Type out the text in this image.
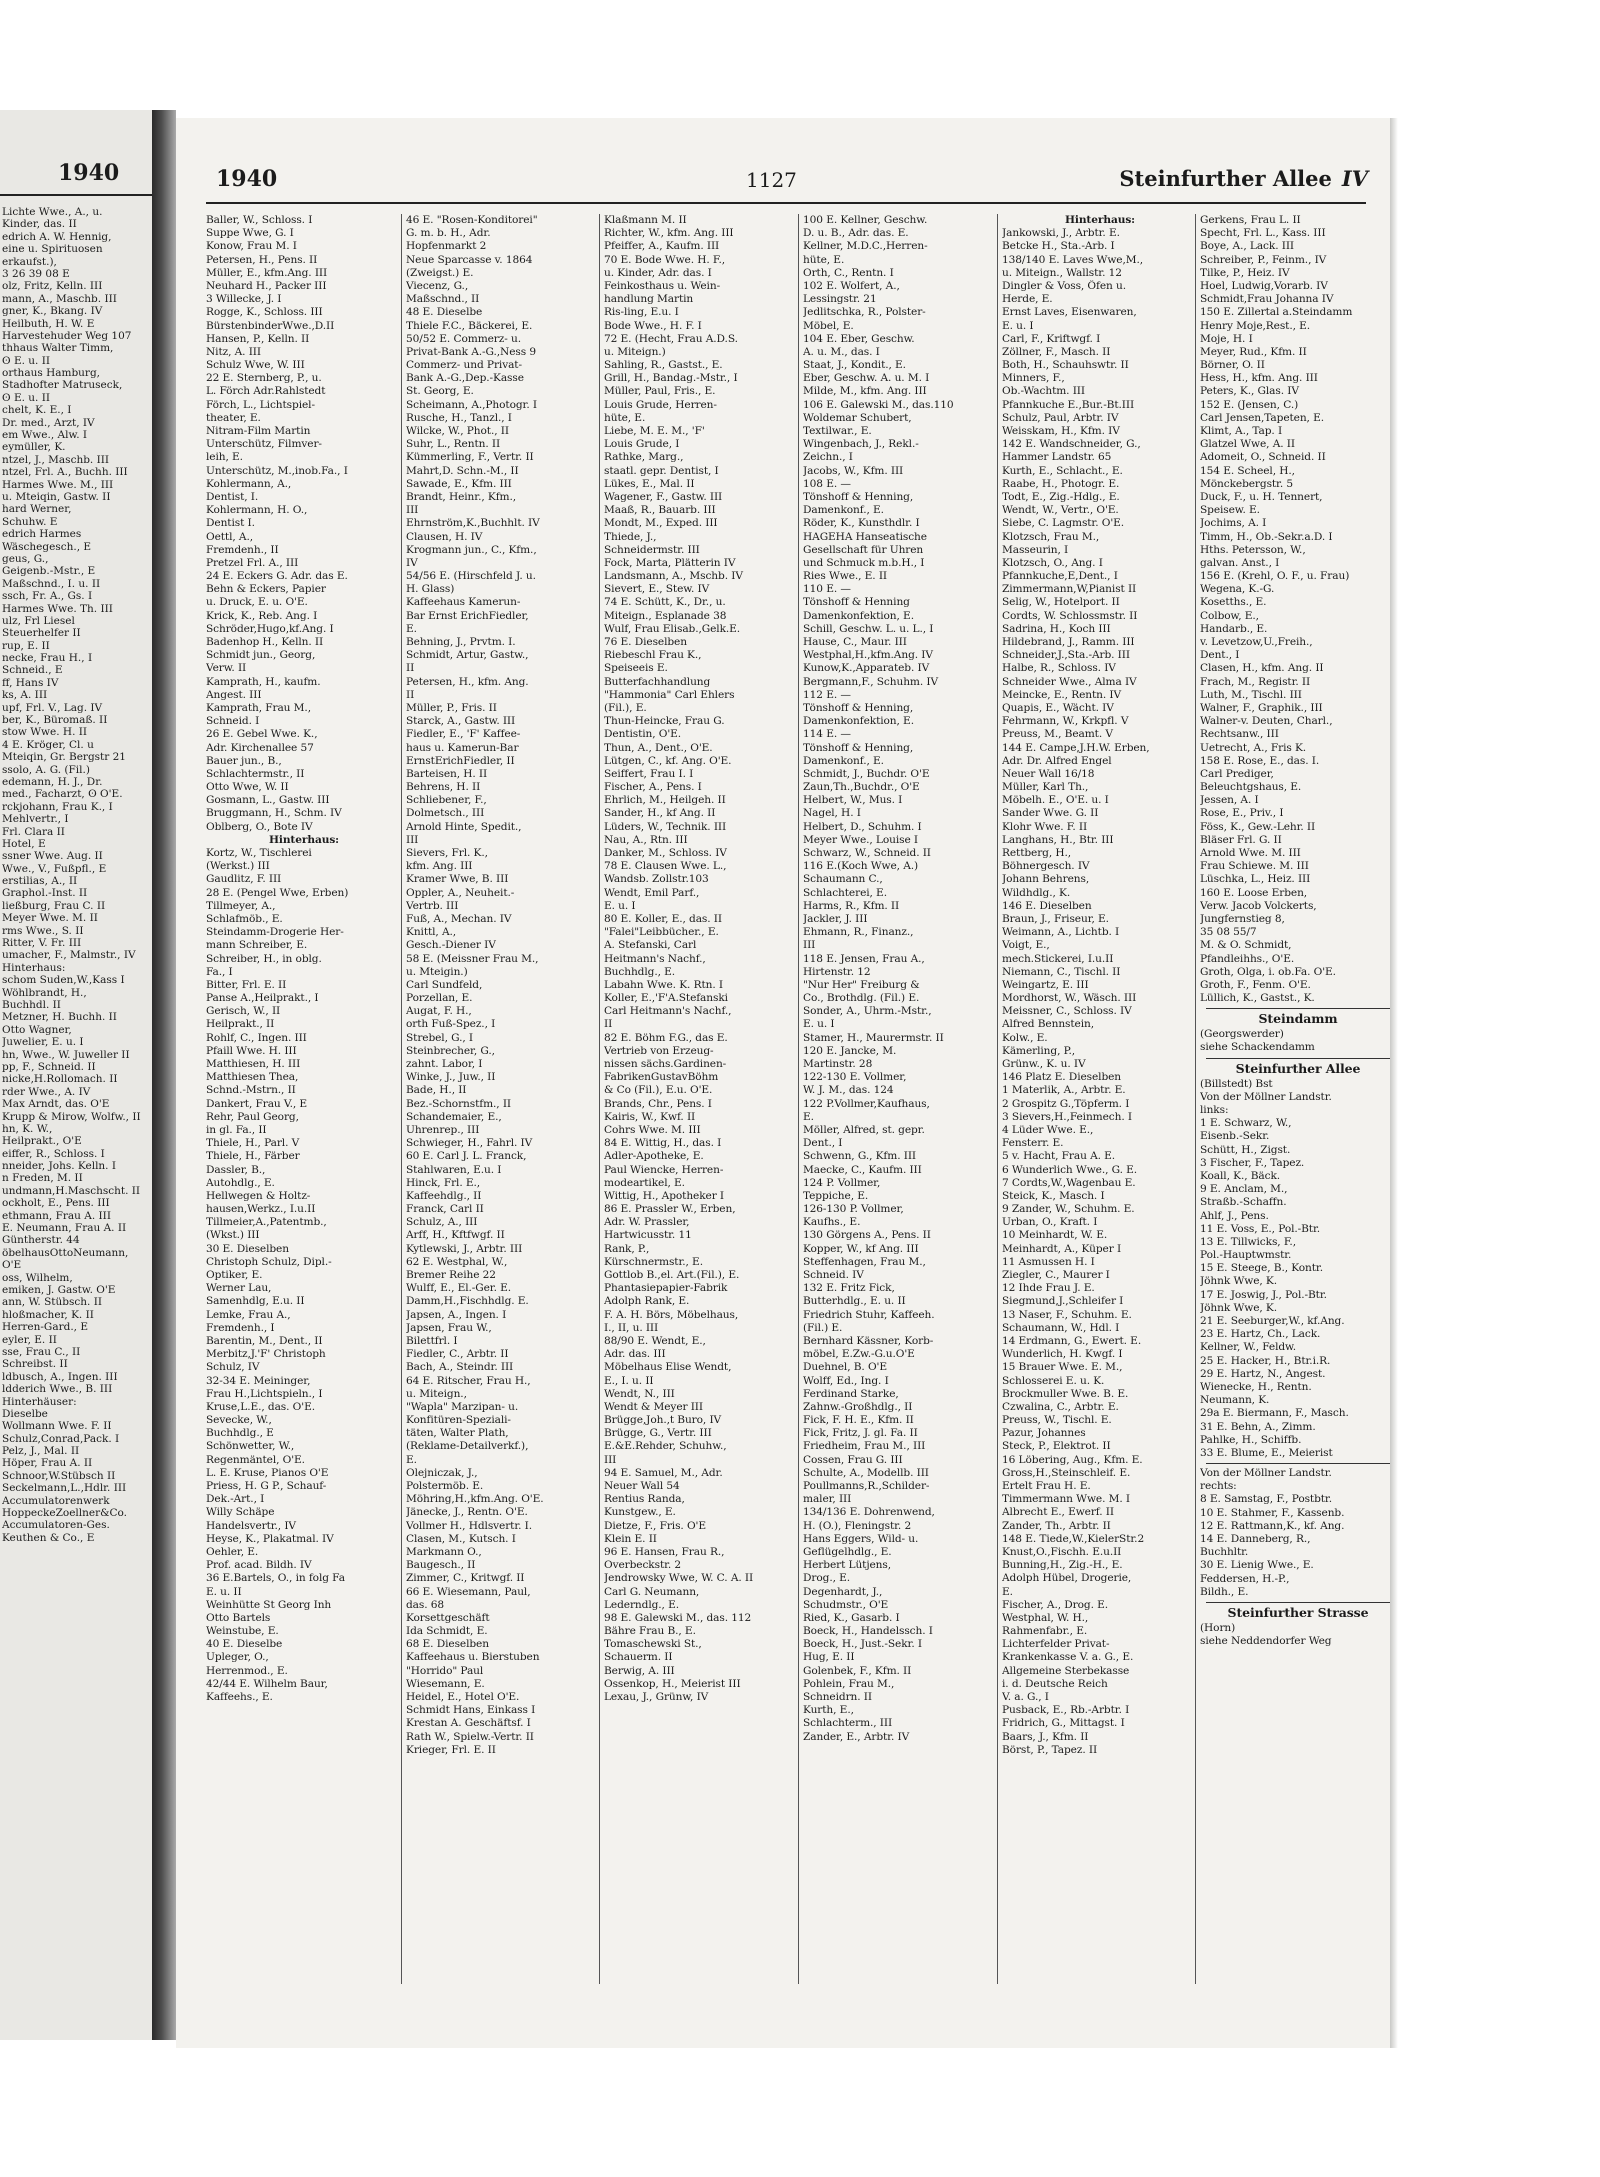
1940
Lichte Wwe., A., u.
Kinder, das. II
edrich A. W. Hennig,
eine u. Spirituosen
erkaufst.),
3 26 39 08 E
olz, Fritz, Kelln. III
mann, A., Maschb. III
gner, K., Bkang. IV
Heilbuth, H. W. E
Harvestehuder Weg 107
thhaus Walter Timm,
ʘ E. u. II
orthaus Hamburg,
Stadhofter Matruseck,
ʘ E. u. II
chelt, K. E., I
Dr. med., Arzt, IV
em Wwe., Alw. I
eymüller, K.
ntzel, J., Maschb. III
ntzel, Frl. A., Buchh. III
Harmes Wwe. M., III
u. Mteiqin, Gastw. II
hard Werner,
Schuhw. E
edrich Harmes
Wäschegesch., E
geus, G.,
Geigenb.-Mstr., E
Maßschnd., I. u. II
ssch, Fr. A., Gs. I
Harmes Wwe. Th. III
ulz, Frl Liesel
Steuerhelfer II
rup, E. II
necke, Frau H., I
Schneid., E
ff, Hans IV
ks, A. III
upf, Frl. V., Lag. IV
ber, K., Büromaß. II
stow Wwe. H. II
4 E. Kröger, Cl. u
Mteiqin, Gr. Bergstr 21
ssolo, A. G. (Fil.)
edemann, H. J., Dr.
med., Facharzt, ʘ O'E.
rckjohann, Frau K., I
Mehlvertr., I
Frl. Clara II
Hotel, E
ssner Wwe. Aug. II
Wwe., V., Fußpfl., E
erstilias, A., II
Graphol.-Inst. II
ließburg, Frau C. II
Meyer Wwe. M. II
rms Wwe., S. II
Ritter, V. Fr. III
umacher, F., Malmstr., IV
Hinterhaus:
schom Suden,W.,Kass I
Wöhlbrandt, H.,
Buchhdl. II
Metzner, H. Buchh. II
Otto Wagner,
Juwelier, E. u. I
hn, Wwe., W. Juweller II
pp, F., Schneid. II
nicke,H.Rollomach. II
rder Wwe., A. IV
Max Arndt, das. O'E
Krupp & Mirow, Wolfw., II
hn, K. W.,
Heilprakt., O'E
eiffer, R., Schloss. I
nneider, Johs. Kelln. I
n Freden, M. II
undmann,H.Maschscht. II
ockholt, E., Pens. III
ethmann, Frau A. III
E. Neumann, Frau A. II
Güntherstr. 44
öbelhausOttoNeumann,
O'E
oss, Wilhelm,
emiken, J. Gastw. O'E
ann, W. Stübsch. II
hloßmacher, K. II
Herren-Gard., E
eyler, E. II
sse, Frau C., II
Schreibst. II
ldbusch, A., Ingen. III
ldderich Wwe., B. III
Hinterhäuser:
Dieselbe
Wollmann Wwe. F. II
Schulz,Conrad,Pack. I
Pelz, J., Mal. II
Höper, Frau A. II
Schnoor,W.Stübsch II
Seckelmann,L.,Hdlr. III
Accumulatorenwerk
HoppeckeZoellner&Co.
Accumulatoren-Ges.
Keuthen & Co., E
1940	1127	Steinfurther Allee IV
Baller, W., Schloss. I
Suppe Wwe, G. I
Konow, Frau M. I
Petersen, H., Pens. II
Müller, E., kfm.Ang. III
Neuhard H., Packer III
3 Willecke, J. I
Rogge, K., Schloss. III
BürstenbinderWwe.,D.II
Hansen, P., Kelln. II
Nitz, A. III
Schulz Wwe, W. III
22 E. Sternberg, P., u.
L. Förch Adr.Rahlstedt
Förch, L., Lichtspiel-
theater, E.
Nitram-Film Martin
Unterschütz, Filmver-
leih, E.
Unterschütz, M.,inob.Fa., I
Kohlermann, A.,
Dentist, I.
Kohlermann, H. O.,
Dentist I.
Oettl, A.,
Fremdenh., II
Pretzel Frl. A., III
24 E. Eckers G. Adr. das E.
Behn & Eckers, Papier
u. Druck, E. u. O'E.
Krick, K., Reb. Ang. I
Schröder,Hugo,kf.Ang. I
Badenhop H., Kelln. II
Schmidt jun., Georg,
Verw. II
Kamprath, H., kaufm.
Angest. III
Kamprath, Frau M.,
Schneid. I
26 E. Gebel Wwe. K.,
Adr. Kirchenallee 57
Bauer jun., B.,
Schlachtermstr., II
Otto Wwe, W. II
Gosmann, L., Gastw. III
Bruggmann, H., Schm. IV
Oblberg, O., Bote IV
Hinterhaus:
Kortz, W., Tischlerei
(Werkst.) III
Gaudlitz, F. III
28 E. (Pengel Wwe, Erben)
Tillmeyer, A.,
Schlafmöb., E.
Steindamm-Drogerie Her-
mann Schreiber, E.
Schreiber, H., in oblg.
Fa., I
Bitter, Frl. E. II
Panse A.,Heilprakt., I
Gerisch, W., II
Heilprakt., II
Rohlf, C., Ingen. III
Pfaill Wwe. H. III
Matthiesen, H. III
Matthiesen Thea,
Schnd.-Mstrn., II
Dankert, Frau V., E
Rehr, Paul Georg,
in gl. Fa., II
Thiele, H., Parl. V
Thiele, H., Färber
Dassler, B.,
Autohdlg., E.
Hellwegen & Holtz-
hausen,Werkz., I.u.II
Tillmeier,A.,Patentmb.,
(Wkst.) III
30 E. Dieselben
Christoph Schulz, Dipl.-
Optiker, E.
Werner Lau,
Samenhdlg, E.u. II
Lemke, Frau A.,
Fremdenh., I
Barentin, M., Dent., II
Merbitz,J.'F' Christoph
Schulz, IV
32-34 E. Meininger,
Frau H.,Lichtspieln., I
Kruse,L.E., das. O'E.
Sevecke, W.,
Buchhdlg., E
Schönwetter, W.,
Regenmäntel, O'E.
L. E. Kruse, Pianos O'E
Priess, H. G P., Schauf-
Dek.-Art., I
Willy Schäpe
Handelsvertr., IV
Heyse, K., Plakatmal. IV
Oehler, E.
Prof. acad. Bildh. IV
36 E.Bartels, O., in folg Fa
E. u. II
Weinhütte St Georg Inh
Otto Bartels
Weinstube, E.
40 E. Dieselbe
Upleger, O.,
Herrenmod., E.
42/44 E. Wilhelm Baur,
Kaffeehs., E.
46 E. "Rosen-Konditorei"
G. m. b. H., Adr.
Hopfenmarkt 2
Neue Sparcasse v. 1864
(Zweigst.) E.
Viecenz, G.,
Maßschnd., II
48 E. Dieselbe
Thiele F.C., Bäckerei, E.
50/52 E. Commerz- u.
Privat-Bank A.-G.,Ness 9
Commerz- und Privat-
Bank A.-G.,Dep.-Kasse
St. Georg, E.
Scheimann, A.,Photogr. I
Rusche, H., Tanzl., I
Wilcke, W., Phot., II
Suhr, L., Rentn. II
Kümmerling, F., Vertr. II
Mahrt,D. Schn.-M., II
Sawade, E., Kfm. III
Brandt, Heinr., Kfm.,
III
Ehrnström,K.,Buchhlt. IV
Clausen, H. IV
Krogmann jun., C., Kfm.,
IV
54/56 E. (Hirschfeld J. u.
H. Glass)
Kaffeehaus Kamerun-
Bar Ernst ErichFiedler,
E.
Behning, J., Prvtm. I.
Schmidt, Artur, Gastw.,
II
Petersen, H., kfm. Ang.
II
Müller, P., Fris. II
Starck, A., Gastw. III
Fiedler, E., 'F' Kaffee-
haus u. Kamerun-Bar
ErnstErichFiedler, II
Barteisen, H. II
Behrens, H. II
Schliebener, F.,
Dolmetsch., III
Arnold Hinte, Spedit.,
III
Sievers, Frl. K.,
kfm. Ang. III
Kramer Wwe, B. III
Oppler, A., Neuheit.-
Vertrb. III
Fuß, A., Mechan. IV
Knittl, A.,
Gesch.-Diener IV
58 E. (Meissner Frau M.,
u. Mteigin.)
Carl Sundfeld,
Porzellan, E.
Augat, F. H.,
orth Fuß-Spez., I
Strebel, G., I
Steinbrecher, G.,
zahnt. Labor, I
Winke, J., Juw., II
Bade, H., II
Bez.-Schornstfm., II
Schandemaier, E.,
Uhrenrep., III
Schwieger, H., Fahrl. IV
60 E. Carl J. L. Franck,
Stahlwaren, E.u. I
Hinck, Frl. E.,
Kaffeehdlg., II
Franck, Carl II
Schulz, A., III
Arff, H., Kftfwgf. II
Kytlewski, J., Arbtr. III
62 E. Westphal, W.,
Bremer Reihe 22
Wulff, E., El.-Ger. E.
Damm,H.,Fischhdlg. E.
Japsen, A., Ingen. I
Japsen, Frau W.,
Bilettfrl. I
Fiedler, C., Arbtr. II
Bach, A., Steindr. III
64 E. Ritscher, Frau H.,
u. Miteign.,
"Wapla" Marzipan- u.
Konfitüren-Speziali-
täten, Walter Plath,
(Reklame-Detailverkf.),
E.
Olejniczak, J.,
Polstermöb. E.
Möhring,H.,kfm.Ang. O'E.
Jänecke, J., Rentn. O'E.
Vollmer H., Hdlsvertr. I.
Clasen, M., Kutsch. I
Markmann O.,
Baugesch., II
Zimmer, C., Kritwgf. II
66 E. Wiesemann, Paul,
das. 68
Korsettgeschäft
Ida Schmidt, E.
68 E. Dieselben
Kaffeehaus u. Bierstuben
"Horrido" Paul
Wiesemann, E.
Heidel, E., Hotel O'E.
Schmidt Hans, Einkass I
Krestan A. Geschäftsf. I
Rath W., Spielw.-Vertr. II
Krieger, Frl. E. II
Klaßmann M. II
Richter, W., kfm. Ang. III
Pfeiffer, A., Kaufm. III
70 E. Bode Wwe. H. F.,
u. Kinder, Adr. das. I
Feinkosthaus u. Wein-
handlung Martin
Ris-ling, E.u. I
Bode Wwe., H. F. I
72 E. (Hecht, Frau A.D.S.
u. Miteign.)
Sahling, R., Gastst., E.
Grill, H., Bandag.-Mstr., I
Müller, Paul, Fris., E.
Louis Grude, Herren-
hüte, E.
Liebe, M. E. M., 'F'
Louis Grude, I
Rathke, Marg.,
staatl. gepr. Dentist, I
Lükes, E., Mal. II
Wagener, F., Gastw. III
Maaß, R., Bauarb. III
Mondt, M., Exped. III
Thiede, J.,
Schneidermstr. III
Fock, Marta, Plätterin IV
Landsmann, A., Mschb. IV
Sievert, E., Stew. IV
74 E. Schütt, K., Dr., u.
Miteign., Esplanade 38
Wulf, Frau Elisab.,Gelk.E.
76 E. Dieselben
Riebeschl Frau K.,
Speiseeis E.
Butterfachhandlung
"Hammonia" Carl Ehlers
(Fil.), E.
Thun-Heincke, Frau G.
Dentistin, O'E.
Thun, A., Dent., O'E.
Lütgen, C., kf. Ang. O'E.
Seiffert, Frau I. I
Fischer, A., Pens. I
Ehrlich, M., Heilgeh. II
Sander, H., kf Ang. II
Lüders, W., Technik. III
Nau, A., Rtn. III
Danker, M., Schloss. IV
78 E. Clausen Wwe. L.,
Wandsb. Zollstr.103
Wendt, Emil Parf.,
E. u. I
80 E. Koller, E., das. II
"Falei"Leibbücher., E.
A. Stefanski, Carl
Heitmann's Nachf.,
Buchhdlg., E.
Labahn Wwe. K. Rtn. I
Koller, E.,'F'A.Stefanski
Carl Heitmann's Nachf.,
II
82 E. Böhm F.G., das E.
Vertrieb von Erzeug-
nissen sächs.Gardinen-
FabrikenGustavBöhm
& Co (Fil.), E.u. O'E.
Brands, Chr., Pens. I
Kairis, W., Kwf. II
Cohrs Wwe. M. III
84 E. Wittig, H., das. I
Adler-Apotheke, E.
Paul Wiencke, Herren-
modeartikel, E.
Wittig, H., Apotheker I
86 E. Prassler W., Erben,
Adr. W. Prassler,
Hartwicusstr. 11
Rank, P.,
Kürschnermstr., E.
Gottlob B.,el. Art.(Fil.), E.
Phantasiepapier-Fabrik
Adolph Rank, E.
F. A. H. Börs, Möbelhaus,
I., II, u. III
88/90 E. Wendt, E.,
Adr. das. III
Möbelhaus Elise Wendt,
E., I. u. II
Wendt, N., III
Wendt & Meyer III
Brügge,Joh.,t Buro, IV
Brügge, G., Vertr. III
E.&E.Rehder, Schuhw.,
III
94 E. Samuel, M., Adr.
Neuer Wall 54
Rentius Randa,
Kunstgew., E.
Dietze, F., Fris. O'E
Klein E. II
96 E. Hansen, Frau R.,
Overbeckstr. 2
Jendrowsky Wwe, W. C. A. II
Carl G. Neumann,
Lederndlg., E.
98 E. Galewski M., das. 112
Bähre Frau B., E.
Tomaschewski St.,
Schauerm. II
Berwig, A. III
Ossenkop, H., Meierist III
Lexau, J., Grünw, IV
100 E. Kellner, Geschw.
D. u. B., Adr. das. E.
Kellner, M.D.C.,Herren-
hüte, E.
Orth, C., Rentn. I
102 E. Wolfert, A.,
Lessingstr. 21
Jedlitschka, R., Polster-
Möbel, E.
104 E. Eber, Geschw.
A. u. M., das. I
Staat, J., Kondit., E.
Eber, Geschw. A. u. M. I
Milde, M., kfm. Ang. III
106 E. Galewski M., das.110
Woldemar Schubert,
Textilwar., E.
Wingenbach, J., Rekl.-
Zeichn., I
Jacobs, W., Kfm. III
108 E. —
Tönshoff & Henning,
Damenkonf., E.
Röder, K., Kunsthdlr. I
HAGEHA Hanseatische
Gesellschaft für Uhren
und Schmuck m.b.H., I
Ries Wwe., E. II
110 E. —
Tönshoff & Henning
Damenkonfektion, E.
Schill, Geschw. L. u. L., I
Hause, C., Maur. III
Westphal,H.,kfm.Ang. IV
Kunow,K.,Apparateb. IV
Bergmann,F., Schuhm. IV
112 E. —
Tönshoff & Henning,
Damenkonfektion, E.
114 E. —
Tönshoff & Henning,
Damenkonf., E.
Schmidt, J., Buchdr. O'E
Zaun,Th.,Buchdr., O'E
Helbert, W., Mus. I
Nagel, H. I
Helbert, D., Schuhm. I
Meyer Wwe., Louise I
Schwarz, W., Schneid. II
116 E.(Koch Wwe, A.)
Schaumann C.,
Schlachterei, E.
Harms, R., Kfm. II
Jackler, J. III
Ehmann, R., Finanz.,
III
118 E. Jensen, Frau A.,
Hirtenstr. 12
"Nur Her" Freiburg &
Co., Brothdlg. (Fil.) E.
Sonder, A., Uhrm.-Mstr.,
E. u. I
Stamer, H., Maurermstr. II
120 E. Jancke, M.
Martinstr. 28
122-130 E. Vollmer,
W. J. M., das. 124
122 P.Vollmer,Kaufhaus,
E.
Möller, Alfred, st. gepr.
Dent., I
Schwenn, G., Kfm. III
Maecke, C., Kaufm. III
124 P. Vollmer,
Teppiche, E.
126-130 P. Vollmer,
Kaufhs., E.
130 Görgens A., Pens. II
Kopper, W., kf Ang. III
Steffenhagen, Frau M.,
Schneid. IV
132 E. Fritz Fick,
Butterhdlg., E. u. II
Friedrich Stuhr, Kaffeeh.
(Fil.) E.
Bernhard Kässner, Korb-
möbel, E.Zw.-G.u.O'E
Duehnel, B. O'E
Wolff, Ed., Ing. I
Ferdinand Starke,
Zahnw.-Großhdlg., II
Fick, F. H. E., Kfm. II
Fick, Fritz, J. gl. Fa. II
Friedheim, Frau M., III
Cossen, Frau G. III
Schulte, A., Modellb. III
Poullmanns,R.,Schilder-
maler, III
134/136 E. Dohrenwend,
H. (O.), Fleningstr. 2
Hans Eggers, Wild- u.
Geflügelhdlg., E.
Herbert Lütjens,
Drog., E.
Degenhardt, J.,
Schudmstr., O'E
Ried, K., Gasarb. I
Boeck, H., Handelssch. I
Boeck, H., Just.-Sekr. I
Hug, E. II
Golenbek, F., Kfm. II
Pohlein, Frau M.,
Schneidrn. II
Kurth, E.,
Schlachterm., III
Zander, E., Arbtr. IV
Hinterhaus:
Jankowski, J., Arbtr. E.
Betcke H., Sta.-Arb. I
138/140 E. Laves Wwe,M.,
u. Miteign., Wallstr. 12
Dingler & Voss, Öfen u.
Herde, E.
Ernst Laves, Eisenwaren,
E. u. I
Carl, F., Kriftwgf. I
Zöllner, F., Masch. II
Both, H., Schauhswtr. II
Minners, F.,
Ob.-Wachtm. III
Pfannkuche E.,Bur.-Bt.III
Schulz, Paul, Arbtr. IV
Weisskam, H., Kfm. IV
142 E. Wandschneider, G.,
Hammer Landstr. 65
Kurth, E., Schlacht., E.
Raabe, H., Photogr. E.
Todt, E., Zig.-Hdlg., E.
Wendt, W., Vertr., O'E.
Siebe, C. Lagmstr. O'E.
Klotzsch, Frau M.,
Masseurin, I
Klotzsch, O., Ang. I
Pfannkuche,E,Dent., I
Zimmermann,W,Pianist II
Selig, W., Hotelport. II
Cordts, W. Schlossmstr. II
Sadrina, H., Koch III
Hildebrand, J., Ramm. III
Schneider,J.,Sta.-Arb. III
Halbe, R., Schloss. IV
Schneider Wwe., Alma IV
Meincke, E., Rentn. IV
Quapis, E., Wächt. IV
Fehrmann, W., Krkpfl. V
Preuss, M., Beamt. V
144 E. Campe,J.H.W. Erben,
Adr. Dr. Alfred Engel
Neuer Wall 16/18
Müller, Karl Th.,
Möbelh. E., O'E. u. I
Sander Wwe. G. II
Klohr Wwe. F. II
Langhans, H., Btr. III
Rettberg, H.,
Böhnergesch. IV
Johann Behrens,
Wildhdlg., K.
146 E. Dieselben
Braun, J., Friseur, E.
Weimann, A., Lichtb. I
Voigt, E.,
mech.Stickerei, I.u.II
Niemann, C., Tischl. II
Weingartz, E. III
Mordhorst, W., Wäsch. III
Meissner, C., Schloss. IV
Alfred Bennstein,
Kolw., E.
Kämerling, P.,
Grünw., K. u. IV
146 Platz E. Dieselben
1 Materlik, A., Arbtr. E.
2 Grospitz G.,Töpferm. I
3 Sievers,H.,Feinmech. I
4 Lüder Wwe. E.,
Fensterr. E.
5 v. Hacht, Frau A. E.
6 Wunderlich Wwe., G. E.
7 Cordts,W.,Wagenbau E.
Steick, K., Masch. I
9 Zander, W., Schuhm. E.
Urban, O., Kraft. I
10 Meinhardt, W. E.
Meinhardt, A., Küper I
11 Asmussen H. I
Ziegler, C., Maurer I
12 Ihde Frau J. E.
Siegmund,J.,Schleifer I
13 Naser, F., Schuhm. E.
Schaumann, W., Hdl. I
14 Erdmann, G., Ewert. E.
Wunderlich, H. Kwgf. I
15 Brauer Wwe. E. M.,
Schlosserei E. u. K.
Brockmuller Wwe. B. E.
Czwalina, C., Arbtr. E.
Preuss, W., Tischl. E.
Pazur, Johannes
Steck, P., Elektrot. II
16 Löbering, Aug., Kfm. E.
Gross,H.,Steinschleif. E.
Ertelt Frau H. E.
Timmermann Wwe. M. I
Albrecht E., Ewerf. II
Zander, Th., Arbtr. II
148 E. Tiede,W.,KielerStr.2
Knust,O.,Fischh. E.u.II
Bunning,H., Zig.-H., E.
Adolph Hübel, Drogerie,
E.
Fischer, A., Drog. E.
Westphal, W. H.,
Rahmenfabr., E.
Lichterfelder Privat-
Krankenkasse V. a. G., E.
Allgemeine Sterbekasse
i. d. Deutsche Reich
V. a. G., I
Pusback, E., Rb.-Arbtr. I
Fridrich, G., Mittagst. I
Baars, J., Kfm. II
Börst, P., Tapez. II
Gerkens, Frau L. II
Specht, Frl. L., Kass. III
Boye, A., Lack. III
Schreiber, P., Feinm., IV
Tilke, P., Heiz. IV
Hoel, Ludwig,Vorarb. IV
Schmidt,Frau Johanna IV
150 E. Zillertal a.Steindamm
Henry Moje,Rest., E.
Moje, H. I
Meyer, Rud., Kfm. II
Börner, O. II
Hess, H., kfm. Ang. III
Peters, K., Glas. IV
152 E. (Jensen, C.)
Carl Jensen,Tapeten, E.
Klimt, A., Tap. I
Glatzel Wwe, A. II
Adomeit, O., Schneid. II
154 E. Scheel, H.,
Mönckebergstr. 5
Duck, F., u. H. Tennert,
Speisew. E.
Jochims, A. I
Timm, H., Ob.-Sekr.a.D. I
Hths. Petersson, W.,
galvan. Anst., I
156 E. (Krehl, O. F., u. Frau)
Wegena, K.-G.
Kosetths., E.
Colbow, E.,
Handarb., E.
v. Levetzow,U.,Freih.,
Dent., I
Clasen, H., kfm. Ang. II
Frach, M., Registr. II
Luth, M., Tischl. III
Walner, F., Graphik., III
Walner-v. Deuten, Charl.,
Rechtsanw., III
Uetrecht, A., Fris K.
158 E. Rose, E., das. I.
Carl Prediger,
Beleuchtgshaus, E.
Jessen, A. I
Rose, E., Priv., I
Föss, K., Gew.-Lehr. II
Bläser Frl. G. II
Arnold Wwe. M. III
Frau Schiewe. M. III
Lüschka, L., Heiz. III
160 E. Loose Erben,
Verw. Jacob Volckerts,
Jungfernstieg 8,
35 08 55/7
M. & O. Schmidt,
Pfandleihhs., O'E.
Groth, Olga, i. ob.Fa. O'E.
Groth, F., Fenm. O'E.
Lüllich, K., Gastst., K.
Steindamm
(Georgswerder)
siehe Schackendamm
Steinfurther Allee
(Billstedt) Bst
Von der Möllner Landstr.
links:
1 E. Schwarz, W.,
Eisenb.-Sekr.
Schütt, H., Zigst.
3 Fischer, F., Tapez.
Koall, K., Bäck.
9 E. Anclam, M.,
Straßb.-Schaffn.
Ahlf, J., Pens.
11 E. Voss, E., Pol.-Btr.
13 E. Tillwicks, F.,
Pol.-Hauptwmstr.
15 E. Steege, B., Kontr.
Jöhnk Wwe, K.
17 E. Joswig, J., Pol.-Btr.
Jöhnk Wwe, K.
21 E. Seeburger,W., kf.Ang.
23 E. Hartz, Ch., Lack.
Kellner, W., Feldw.
25 E. Hacker, H., Btr.i.R.
29 E. Hartz, N., Angest.
Wienecke, H., Rentn.
Neumann, K.
29a E. Biermann, F., Masch.
31 E. Behn, A., Zimm.
Pahlke, H., Schiffb.
33 E. Blume, E., Meierist
Von der Möllner Landstr.
rechts:
8 E. Samstag, F., Postbtr.
10 E. Stahmer, F., Kassenb.
12 E. Rattmann,K., kf. Ang.
14 E. Danneberg, R.,
Buchhltr.
30 E. Lienig Wwe., E.
Feddersen, H.-P.,
Bildh., E.
Steinfurther Strasse
(Horn)
siehe Neddendorfer Weg
